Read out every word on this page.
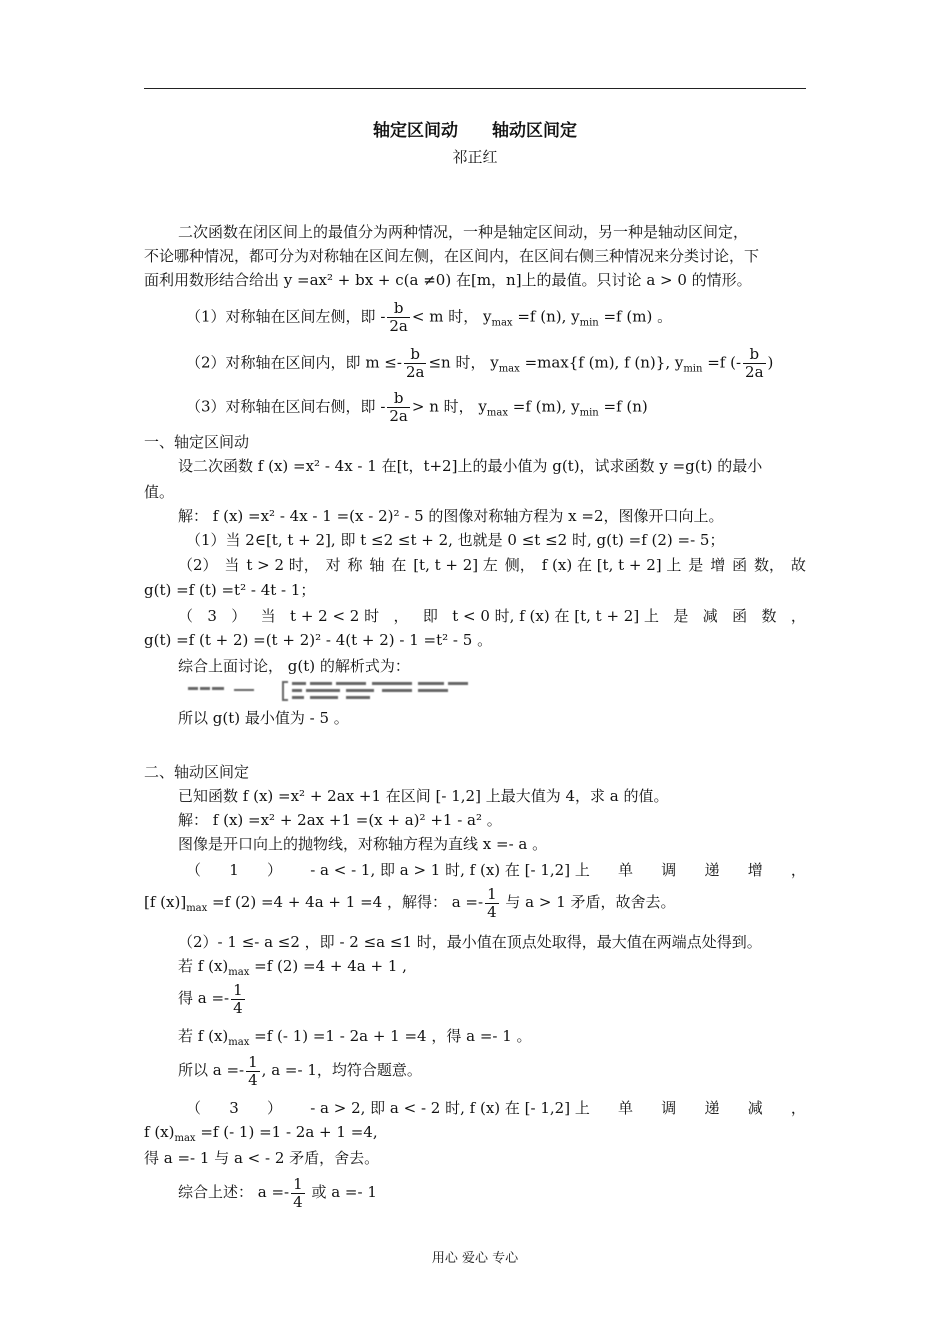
轴定区间动 轴动区间定
祁正红
二次函数在闭区间上的最值分为两种情况，一种是轴定区间动，另一种是轴动区间定，
不论哪种情况，都可分为对称轴在区间左侧，在区间内，在区间右侧三种情况来分类讨论，下
面利用数形结合给出 y =ax² + bx + c(a ≠0) 在[m，n]上的最值。只讨论 a > 0 的情形。
（1）对称轴在区间左侧，即 - $\frac{b}{2a} < m$ 时， $y_{max} =f$ (n), $y_{min} =f$ (m) 。
（2）对称轴在区间内，即 $m \le- \frac{b}{2a} \le n$ 时， $y_{max} =\max\{f$ (m), f (n)}, $y_{min} =f$ (- $\frac{b}{2a}$ )
（3）对称轴在区间右侧，即 - $\frac{b}{2a} > n$ 时， $y_{max} =f$ (m), $y_{min} =f$ (n)
一、轴定区间动
设二次函数 f (x) =x² - 4x - 1 在[t，t+2]上的最小值为 g(t)，试求函数 y =g(t) 的最小
值。
解： f (x) =x² - 4x - 1 =(x - 2)² - 5 的图像对称轴方程为 x =2，图像开口向上。
（1）当 2∈[t, t + 2], 即 t ≤2 ≤t + 2, 也就是 0 ≤t ≤2 时, g(t) =f (2) =- 5；
（2） 当 t > 2 时， 对 称 轴 在 [t, t + 2] 左 侧， f (x) 在 [t, t + 2] 上 是 增 函 数， 故
g(t) =f (t) =t² - 4t - 1；
（ 3 ） 当 t + 2 < 2 时 ， 即 t < 0 时, f (x) 在 [t, t + 2] 上 是 减 函 数 ，
g(t) =f (t + 2) =(t + 2)² - 4(t + 2) - 1 =t² - 5 。
综合上面讨论， g(t) 的解析式为：
所以 g(t) 最小值为 - 5 。
二、轴动区间定
已知函数 f (x) =x² + 2ax +1 在区间 [- 1,2] 上最大值为 4，求 a 的值。
解： f (x) =x² + 2ax +1 =(x + a)² +1 - a² 。
图像是开口向上的抛物线，对称轴方程为直线 x =- a 。
（ 1 ） - a < - 1, 即 a > 1 时, f (x) 在 [- 1,2] 上 单 调 递 增 ，
[f $(x)]_{max} =f$ (2) =4 + 4a + 1 =4 ，解得： $a =- \frac{1}{4}$ 与 a > 1 矛盾，故舍去。
（2）- 1 ≤- a ≤2 ，即 - 2 ≤a ≤1 时，最小值在顶点处取得，最大值在两端点处得到。
若 f $(x)_{max} =f$ (2) =4 + 4a + 1 ,
得 $a =- \frac{1}{4}$
若 f $(x)_{max} =f$ (- 1) =1 - 2a + 1 =4 ，得 a =- 1 。
所以 $a =- \frac{1}{4}$ , a =- 1，均符合题意。
（ 3 ） - a > 2, 即 a < - 2 时, f (x) 在 [- 1,2] 上 单 调 递 减 ，
f $(x)_{max} =f$ (- 1) =1 - 2a + 1 =4,
得 a =- 1 与 a < - 2 矛盾，舍去。
综合上述： $a =- \frac{1}{4}$ 或 a =- 1
用心 爱心 专心
